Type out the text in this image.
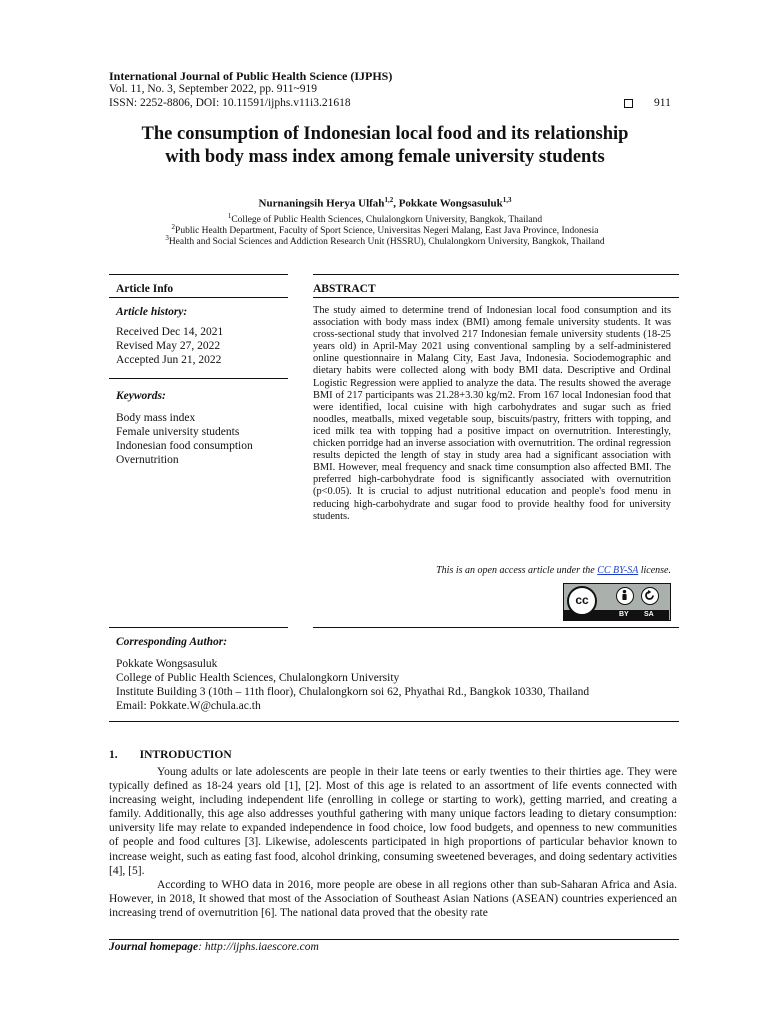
International Journal of Public Health Science (IJPHS)
Vol. 11, No. 3, September 2022, pp. 911~919
ISSN: 2252-8806, DOI: 10.11591/ijphs.v11i3.21618	911
The consumption of Indonesian local food and its relationship
with body mass index among female university students
Nurnaningsih Herya Ulfah$^{1,2}$, Pokkate Wongsasuluk$^{1,3}$
$^1$College of Public Health Sciences, Chulalongkorn University, Bangkok, Thailand
$^2$Public Health Department, Faculty of Sport Science, Universitas Negeri Malang, East Java Province, Indonesia
$^3$Health and Social Sciences and Addiction Research Unit (HSSRU), Chulalongkorn University, Bangkok, Thailand
Article Info	ABSTRACT
Article history:
Received Dec 14, 2021
Revised May 27, 2022
Accepted Jun 21, 2022
Keywords:
Body mass index
Female university students
Indonesian food consumption
Overnutrition
The study aimed to determine trend of Indonesian local food consumption and its association with body mass index (BMI) among female university students. It was cross-sectional study that involved 217 Indonesian female university students (18-25 years old) in April-May 2021 using conventional sampling by a self-administered online questionnaire in Malang City, East Java, Indonesia. Sociodemographic and dietary habits were collected along with body BMI data. Descriptive and Ordinal Logistic Regression were applied to analyze the data. The results showed the average BMI of 217 participants was 21.28+3.30 kg/m2. From 167 local Indonesian food that were identified, local cuisine with high carbohydrates and sugar such as fried noodles, meatballs, mixed vegetable soup, biscuits/pastry, fritters with topping, and iced milk tea with topping had a positive impact on overnutrition. Interestingly, chicken porridge had an inverse association with overnutrition. The ordinal regression results depicted the length of stay in study area had a significant association with BMI. However, meal frequency and snack time consumption also affected BMI. The preferred high-carbohydrate food is significantly associated with overnutrition (p<0.05). It is crucial to adjust nutritional education and people's food menu in reducing high-carbohydrate and sugar food to provide healthy food for university students.
This is an open access article under the CC BY-SA license.
cc
BY SA
Corresponding Author:
Pokkate Wongsasuluk
College of Public Health Sciences, Chulalongkorn University
Institute Building 3 (10th – 11th floor), Chulalongkorn soi 62, Phyathai Rd., Bangkok 10330, Thailand
Email: Pokkate.W@chula.ac.th
1. INTRODUCTION

Young adults or late adolescents are people in their late teens or early twenties to their thirties age. They were typically defined as 18-24 years old [1], [2]. Most of this age is related to an assortment of life events connected with increasing weight, including independent life (enrolling in college or starting to work), getting married, and creating a family. Additionally, this age also addresses youthful gathering with many unique factors leading to dietary consumption: university life may relate to expanded independence in food choice, low food budgets, and openness to new communities of people and food cultures [3]. Likewise, adolescents participated in high proportions of particular behavior known to increase weight, such as eating fast food, alcohol drinking, consuming sweetened beverages, and doing sedentary activities [4], [5].

According to WHO data in 2016, more people are obese in all regions other than sub-Saharan Africa and Asia. However, in 2018, It showed that most of the Association of Southeast Asian Nations (ASEAN) countries experienced an increasing trend of overnutrition [6]. The national data proved that the obesity rate

Journal homepage: http://ijphs.iaescore.com
